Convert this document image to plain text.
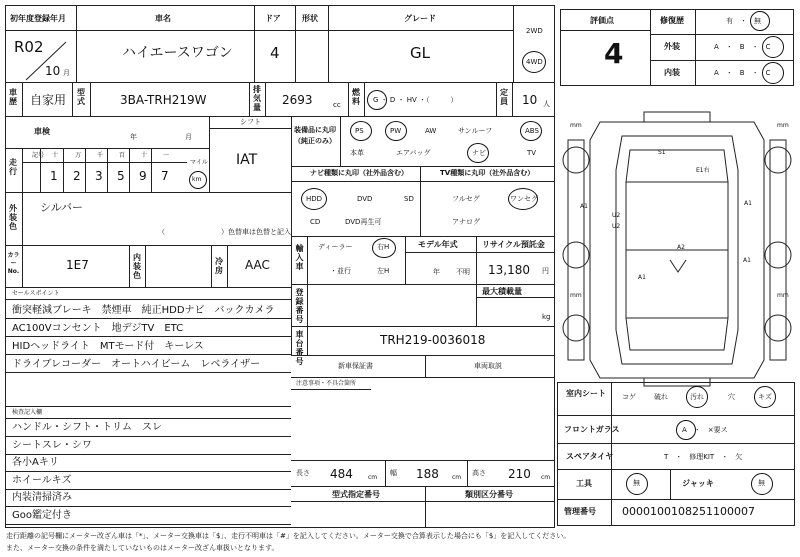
初年度登録年月	車名	ドア	形状	グレード
R02
10 月
ハイエースワゴン 4	GL
2WD
4WD
車歴 自家用
型式	3BA-TRH219W
排気量
2693	cc
燃料 G ・ D ・ HV ・（　　　）
定員 10 人
車検
年	月
シフト
IAT
走行
記号 十
1
万
2
千
3
百
5
十
9
一
7
マイル
km
外装色
シルバー
（　　　　　　　　）色替車は色替と記入
カラーNo.	1E7
内装色
冷房 AAC
セールスポイント
衝突軽減ブレーキ　禁煙車　純正HDDナビ　バックカメラ
AC100Vコンセント　地デジTV　ETC
HIDヘッドライト　MTモード付　キーレス
ドライブレコーダー　オートハイビーム　レベライザー
装備品に丸印（純正のみ）
PS	PW	AW	サンルーフ	ABS
本革	エアバッグ	ナビ	TV
ナビ種類に丸印（社外品含む）	TV種類に丸印（社外品含む）
HDD	DVD	SD
CD	DVD再生可
フルセグ	ワンセグ
アナログ
輸入車
ディーラー
・並行
右H
左H
モデル年式
年 不明
リサイクル預託金
13,180 円
登録番号
最大積載量
kg
車台番号
TRH219-0036018
新車保証書	車両取説
注意事項・不具合箇所
検査記入欄
ハンドル・シフト・トリム　スレ
シートスレ・シワ
各小Aキリ
ホイールキズ
内装清掃済み
Goo鑑定付き
長さ 484	cm
幅 188 cm
高さ 210 cm
型式指定番号	類別区分番号
評価点
4
修復歴	有　・　無
外装	A　・　B　・　C
内装	A　・　B　・　C
mm	mm
mm	mm
S1
E1右
U2
A1
U2
A1
A2
A1
A1
室内シート コゲ	破れ	汚れ	穴	キズ
フロントガラス	A　・　×要ス
スペアタイヤ	T　・　修理KIT　・　欠
工具	無	ジャッキ	無
管理番号 0000100108251100007
走行距離の記号欄にメーター改ざん車は「*」、メーター交換車は「$」、走行不明車は「#」を記入してください。メーター交換で合算表示した場合にも「$」を記入してください。
また、メーター交換の条件を満たしていないものはメーター改ざん車扱いとなります。
